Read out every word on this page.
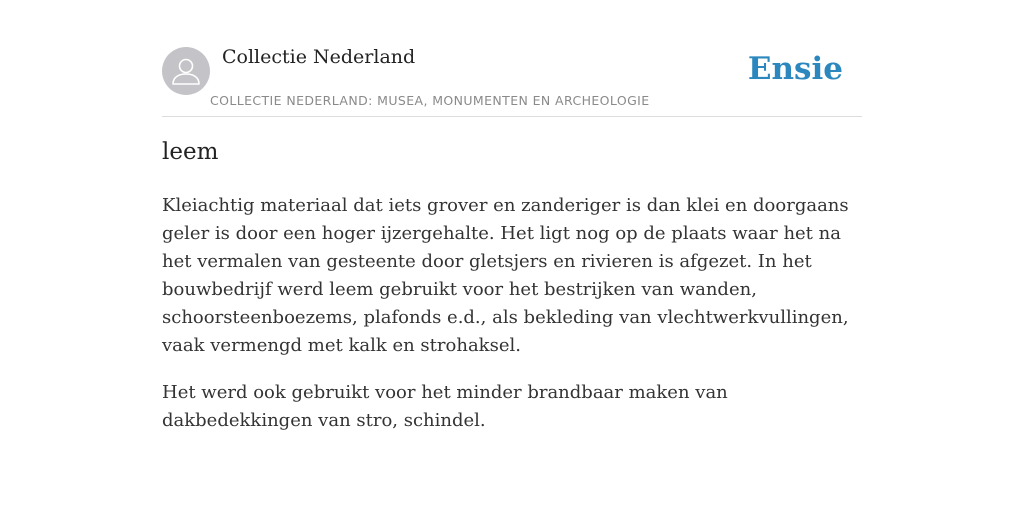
Collectie Nederland
COLLECTIE NEDERLAND: MUSEA, MONUMENTEN EN ARCHEOLOGIE
Ensie
leem

Kleiachtig materiaal dat iets grover en zanderiger is dan klei en doorgaans geler is door een hoger ijzergehalte. Het ligt nog op de plaats waar het na het vermalen van gesteente door gletsjers en rivieren is afgezet. In het bouwbedrijf werd leem gebruikt voor het bestrijken van wanden, schoorsteenboezems, plafonds e.d., als bekleding van vlechtwerkvullingen, vaak vermengd met kalk en strohaksel.

Het werd ook gebruikt voor het minder brandbaar maken van dakbedekkingen van stro, schindel.
